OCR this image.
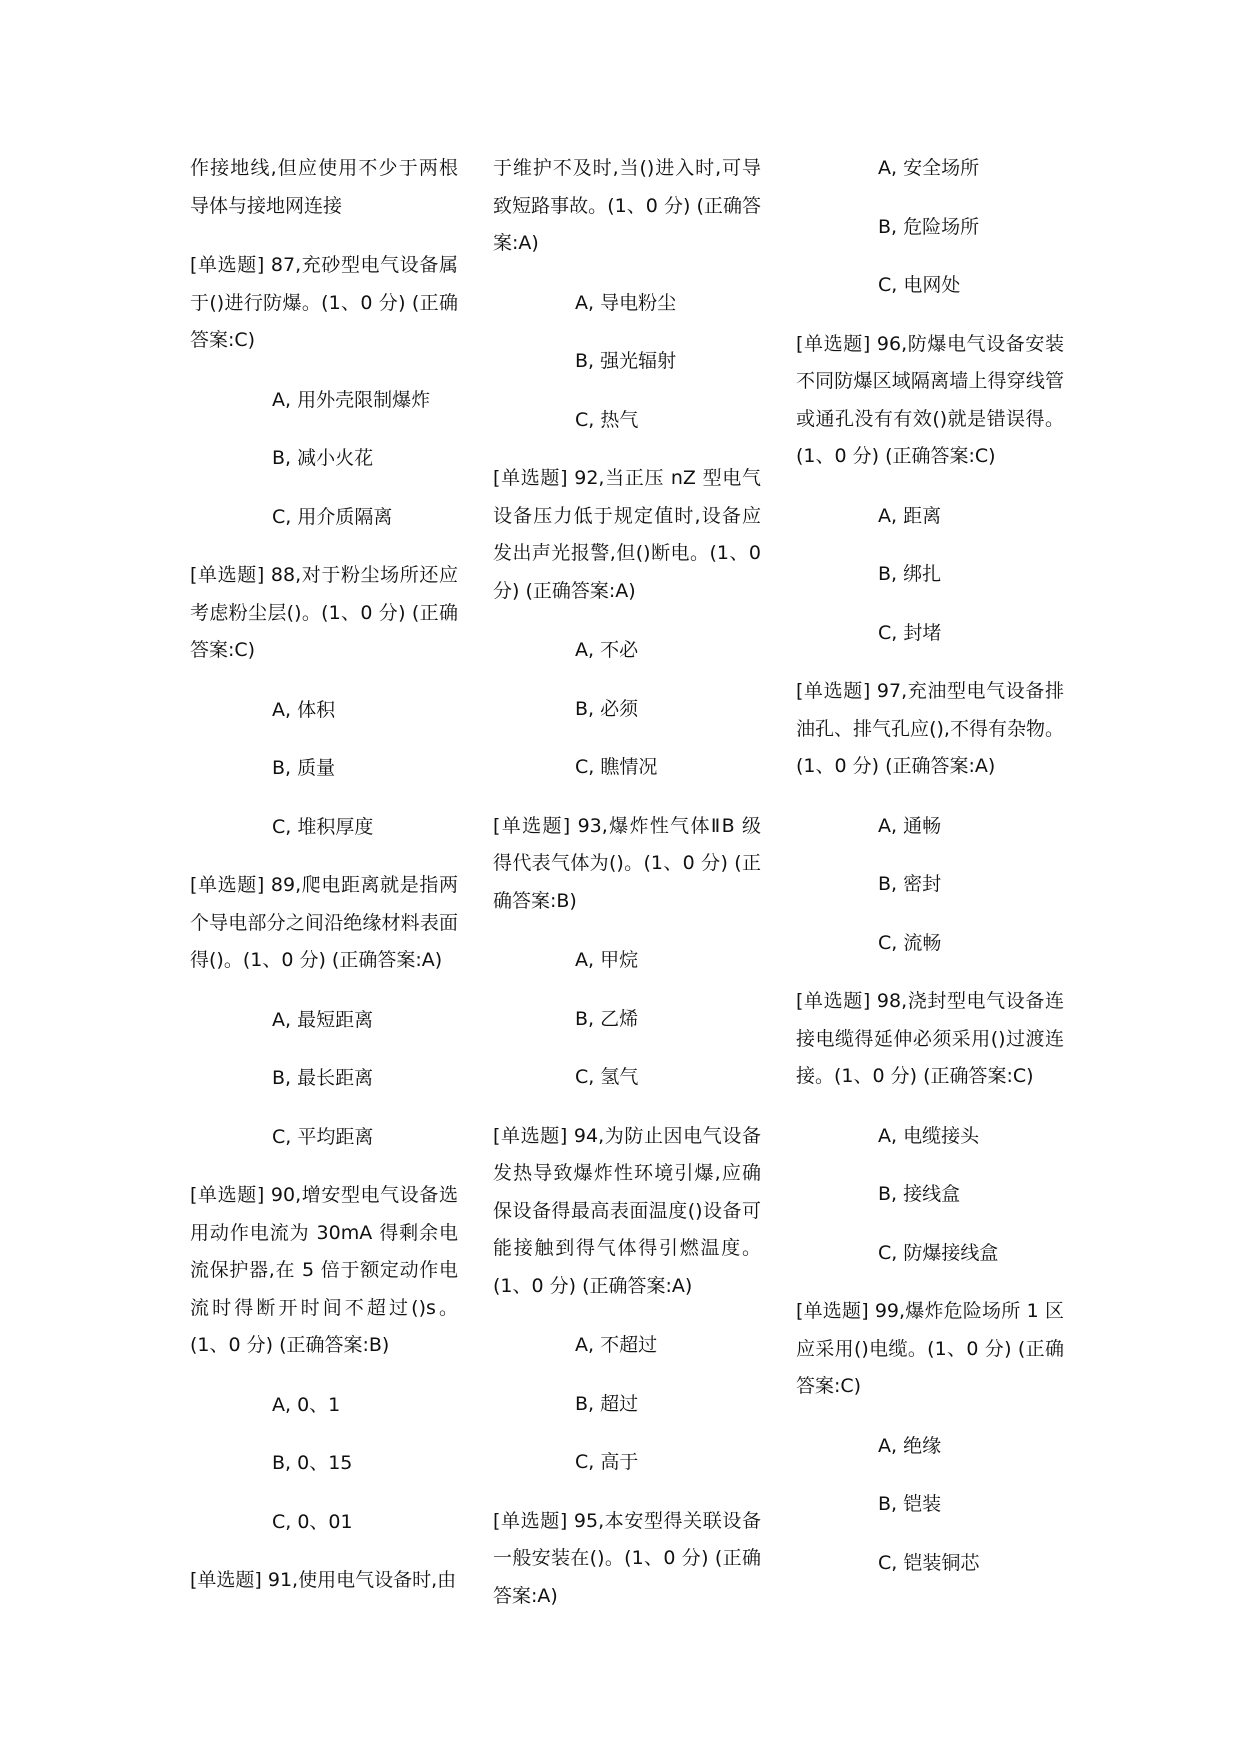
作接地线,但应使用不少于两根导体与接地网连接
[单选题] 87,充砂型电气设备属于()进行防爆。(1、0 分) (正确答案:C)
A, 用外壳限制爆炸
B, 减小火花
C, 用介质隔离
[单选题] 88,对于粉尘场所还应考虑粉尘层()。(1、0 分) (正确答案:C)
A, 体积
B, 质量
C, 堆积厚度
[单选题] 89,爬电距离就是指两个导电部分之间沿绝缘材料表面得()。(1、0 分) (正确答案:A)
A, 最短距离
B, 最长距离
C, 平均距离
[单选题] 90,增安型电气设备选用动作电流为 30mA 得剩余电流保护器,在 5 倍于额定动作电流时得断开时间不超过()s。(1、0 分) (正确答案:B)
A, 0、1
B, 0、15
C, 0、01
[单选题] 91,使用电气设备时,由
于维护不及时,当()进入时,可导致短路事故。(1、0 分) (正确答案:A)
A, 导电粉尘
B, 强光辐射
C, 热气
[单选题] 92,当正压 nZ 型电气设备压力低于规定值时,设备应发出声光报警,但()断电。(1、0 分) (正确答案:A)
A, 不必
B, 必须
C, 瞧情况
[单选题] 93,爆炸性气体ⅡB 级得代表气体为()。(1、0 分) (正确答案:B)
A, 甲烷
B, 乙烯
C, 氢气
[单选题] 94,为防止因电气设备发热导致爆炸性环境引爆,应确保设备得最高表面温度()设备可能接触到得气体得引燃温度。(1、0 分) (正确答案:A)
A, 不超过
B, 超过
C, 高于
[单选题] 95,本安型得关联设备一般安装在()。(1、0 分) (正确答案:A)
A, 安全场所
B, 危险场所
C, 电网处
[单选题] 96,防爆电气设备安装不同防爆区域隔离墙上得穿线管或通孔没有有效()就是错误得。(1、0 分) (正确答案:C)
A, 距离
B, 绑扎
C, 封堵
[单选题] 97,充油型电气设备排油孔、排气孔应(),不得有杂物。(1、0 分) (正确答案:A)
A, 通畅
B, 密封
C, 流畅
[单选题] 98,浇封型电气设备连接电缆得延伸必须采用()过渡连接。(1、0 分) (正确答案:C)
A, 电缆接头
B, 接线盒
C, 防爆接线盒
[单选题] 99,爆炸危险场所 1 区应采用()电缆。(1、0 分) (正确答案:C)
A, 绝缘
B, 铠装
C, 铠装铜芯
